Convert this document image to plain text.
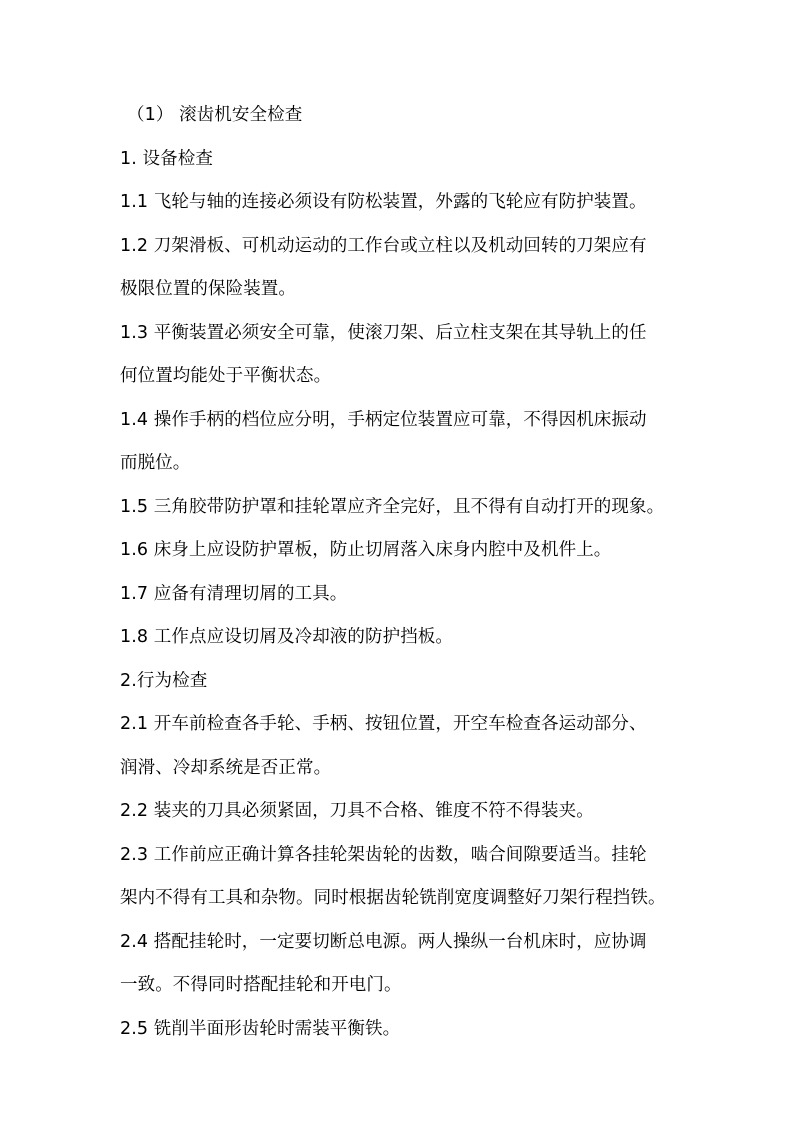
（1） 滚齿机安全检查

1. 设备检查

1.1 飞轮与轴的连接必须设有防松装置，外露的飞轮应有防护装置。

1.2 刀架滑板、可机动运动的工作台或立柱以及机动回转的刀架应有

极限位置的保险装置。

1.3 平衡装置必须安全可靠，使滚刀架、后立柱支架在其导轨上的任

何位置均能处于平衡状态。

1.4 操作手柄的档位应分明，手柄定位装置应可靠，不得因机床振动

而脱位。

1.5 三角胶带防护罩和挂轮罩应齐全完好，且不得有自动打开的现象。

1.6 床身上应设防护罩板，防止切屑落入床身内腔中及机件上。

1.7 应备有清理切屑的工具。

1.8 工作点应设切屑及冷却液的防护挡板。

2.行为检查

2.1 开车前检查各手轮、手柄、按钮位置，开空车检查各运动部分、

润滑、冷却系统是否正常。

2.2 装夹的刀具必须紧固，刀具不合格、锥度不符不得装夹。

2.3 工作前应正确计算各挂轮架齿轮的齿数，啮合间隙要适当。挂轮

架内不得有工具和杂物。同时根据齿轮铣削宽度调整好刀架行程挡铁。

2.4 搭配挂轮时，一定要切断总电源。两人操纵一台机床时，应协调

一致。不得同时搭配挂轮和开电门。

2.5 铣削半面形齿轮时需装平衡铁。
